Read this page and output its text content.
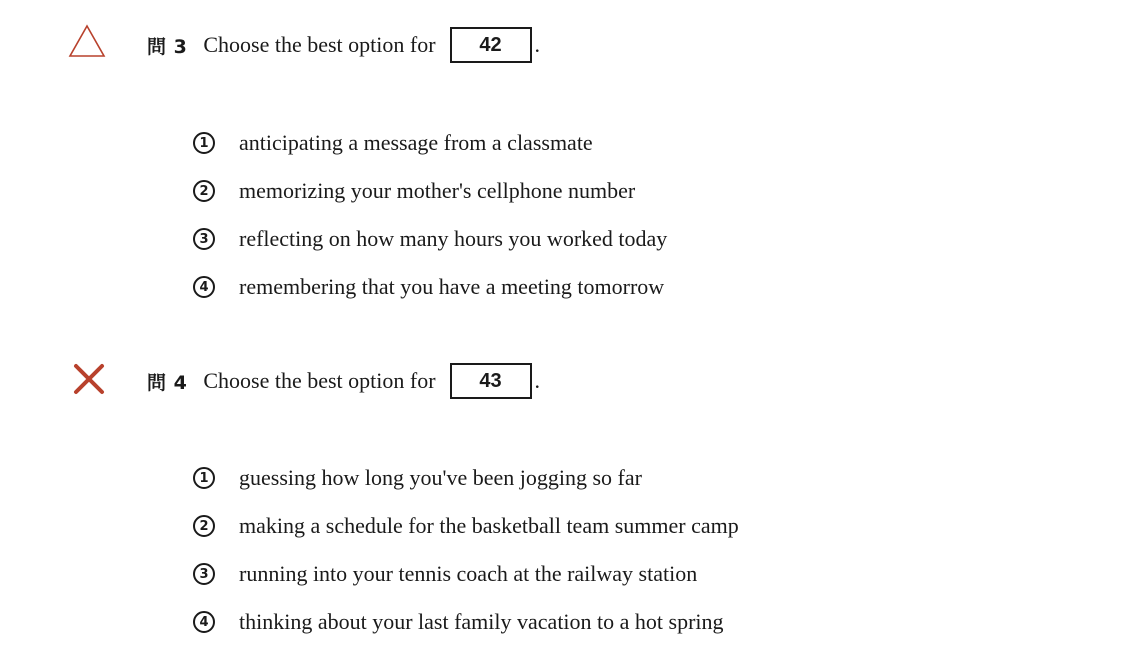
問 3 Choose the best option for	42	.
1 anticipating a message from a classmate
2 memorizing your mother's cellphone number
3 reflecting on how many hours you worked today
4 remembering that you have a meeting tomorrow
問 4 Choose the best option for	43	.
1 guessing how long you've been jogging so far
2 making a schedule for the basketball team summer camp
3 running into your tennis coach at the railway station
4 thinking about your last family vacation to a hot spring
